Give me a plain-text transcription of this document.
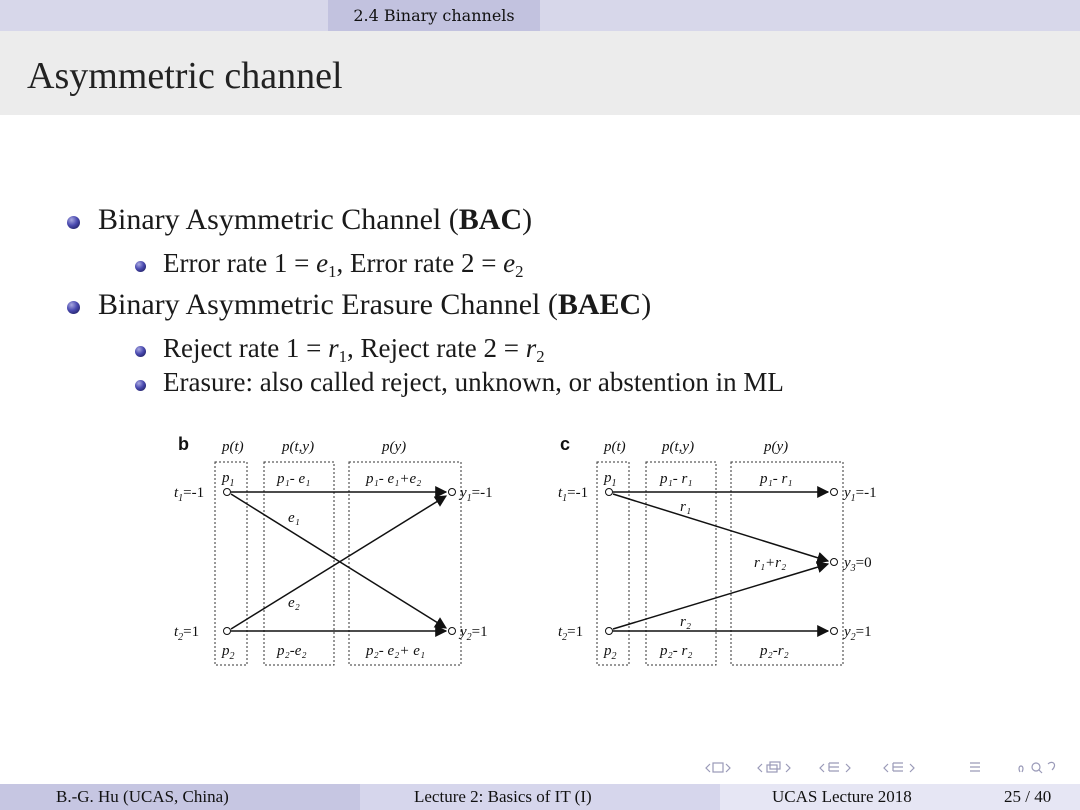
2.4 Binary channels
Asymmetric channel
Binary Asymmetric Channel (BAC)
Error rate $1 = e_1$, Error rate $2 = e_2$
Binary Asymmetric Erasure Channel (BAEC)
Reject rate $1 = r_1$, Reject rate $2 = r_2$
Erasure: also called reject, unknown, or abstention in ML
b p(t)	p(t,y)	p(y)
$p_1$
$p_2$
$t_1=-1$
$t_2=1$
p₁- e₁	p₁- e₁+e₂
p₂-e₂	p₂- e₂+ e₁
e₁
e₂
$y_1=-1$
$y_2=1$
c p(t) p(t,y)	p(y)
$p_1$
$p_2$
$t_1=-1$
$t_2=1$
p₁- r₁	p₁- r₁
p₂- r₂	p₂-r₂
r₁
r₂
r₁+r₂
$y_1=-1$
$y_3=0$
$y_2=1$
B.-G. Hu (UCAS, China)	Lecture 2: Basics of IT (I)	UCAS Lecture 2018	25 / 40
